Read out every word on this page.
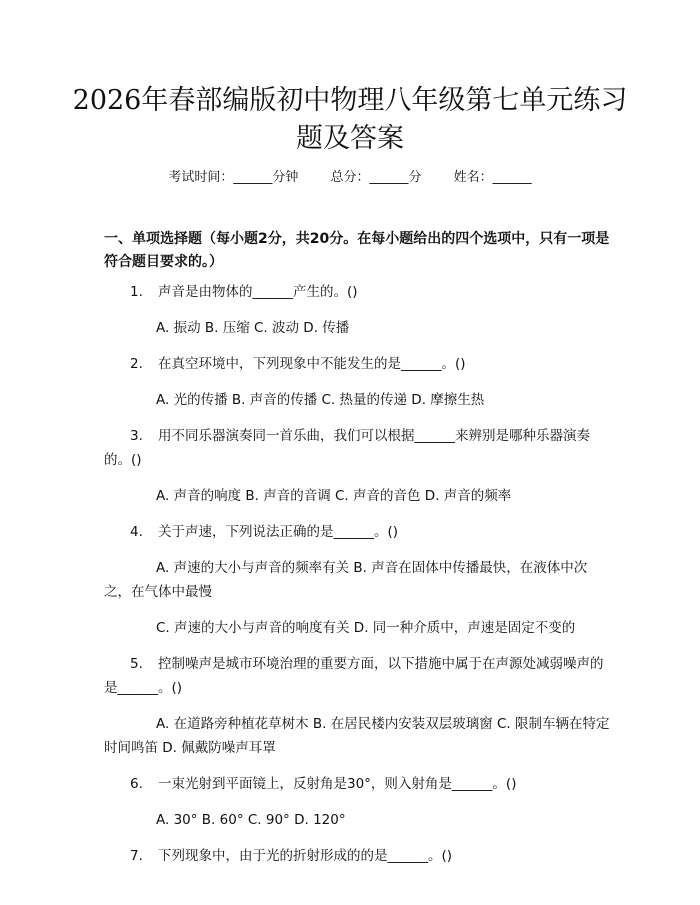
2026年春部编版初中物理八年级第七单元练习题及答案
考试时间：______分钟 总分：______分 姓名：______
一、单项选择题（每小题2分，共20分。在每小题给出的四个选项中，只有一项是符合题目要求的。）

1. 声音是由物体的______产生的。()

A. 振动 B. 压缩 C. 波动 D. 传播

2. 在真空环境中，下列现象中不能发生的是______。()

A. 光的传播 B. 声音的传播 C. 热量的传递 D. 摩擦生热

3. 用不同乐器演奏同一首乐曲，我们可以根据______来辨别是哪种乐器演奏的。()

A. 声音的响度 B. 声音的音调 C. 声音的音色 D. 声音的频率

4. 关于声速，下列说法正确的是______。()

A. 声速的大小与声音的频率有关 B. 声音在固体中传播最快，在液体中次之，在气体中最慢

C. 声速的大小与声音的响度有关 D. 同一种介质中，声速是固定不变的

5. 控制噪声是城市环境治理的重要方面，以下措施中属于在声源处减弱噪声的是______。()

A. 在道路旁种植花草树木 B. 在居民楼内安装双层玻璃窗 C. 限制车辆在特定时间鸣笛 D. 佩戴防噪声耳罩

6. 一束光射到平面镜上，反射角是30°，则入射角是______。()

A. 30° B. 60° C. 90° D. 120°

7. 下列现象中，由于光的折射形成的的是______。()
